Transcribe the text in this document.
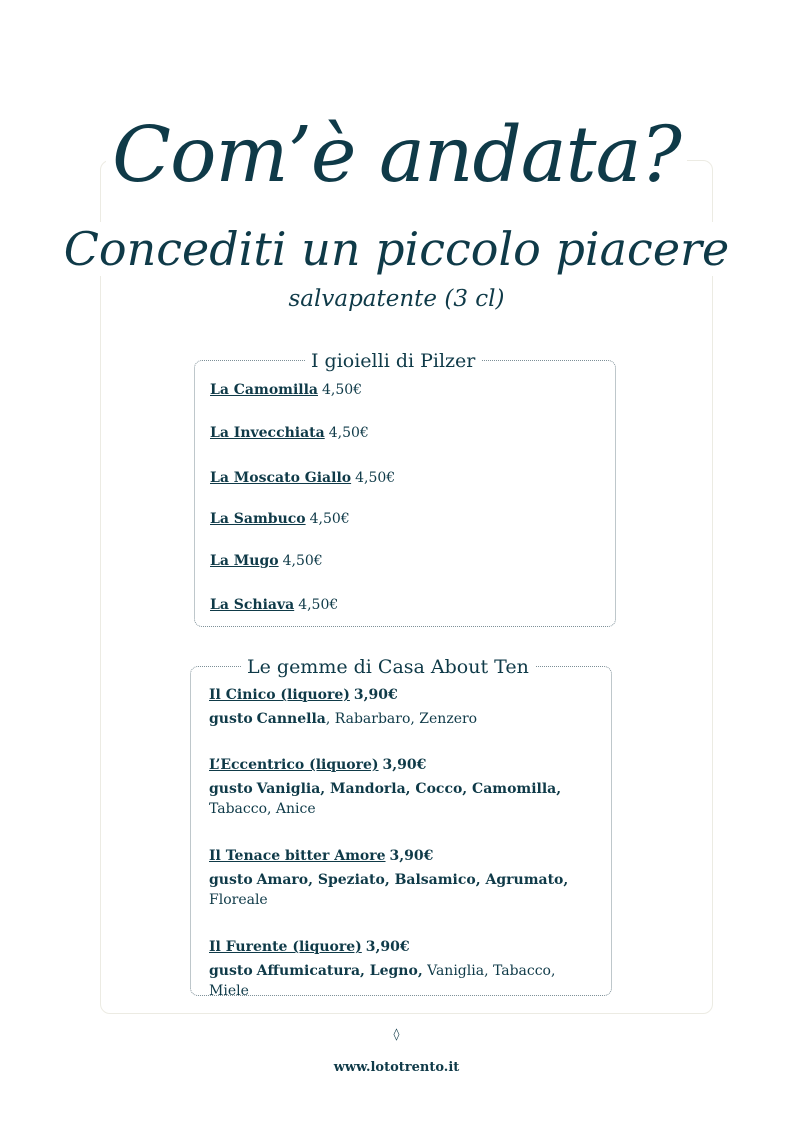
Com’è andata?
Concediti un piccolo piacere
salvapatente (3 cl)
I gioielli di Pilzer
La Camomilla 4,50€
La Invecchiata 4,50€
La Moscato Giallo 4,50€
La Sambuco 4,50€
La Mugo 4,50€
La Schiava 4,50€
Le gemme di Casa About Ten
Il Cinico (liquore) 3,90€
gusto Cannella, Rabarbaro, Zenzero
L’Eccentrico (liquore) 3,90€
gusto Vaniglia, Mandorla, Cocco, Camomilla, Tabacco, Anice
Il Tenace bitter Amore 3,90€
gusto Amaro, Speziato, Balsamico, Agrumato, Floreale
Il Furente (liquore) 3,90€
gusto Affumicatura, Legno, Vaniglia, Tabacco, Miele
◊
www.lototrento.it
